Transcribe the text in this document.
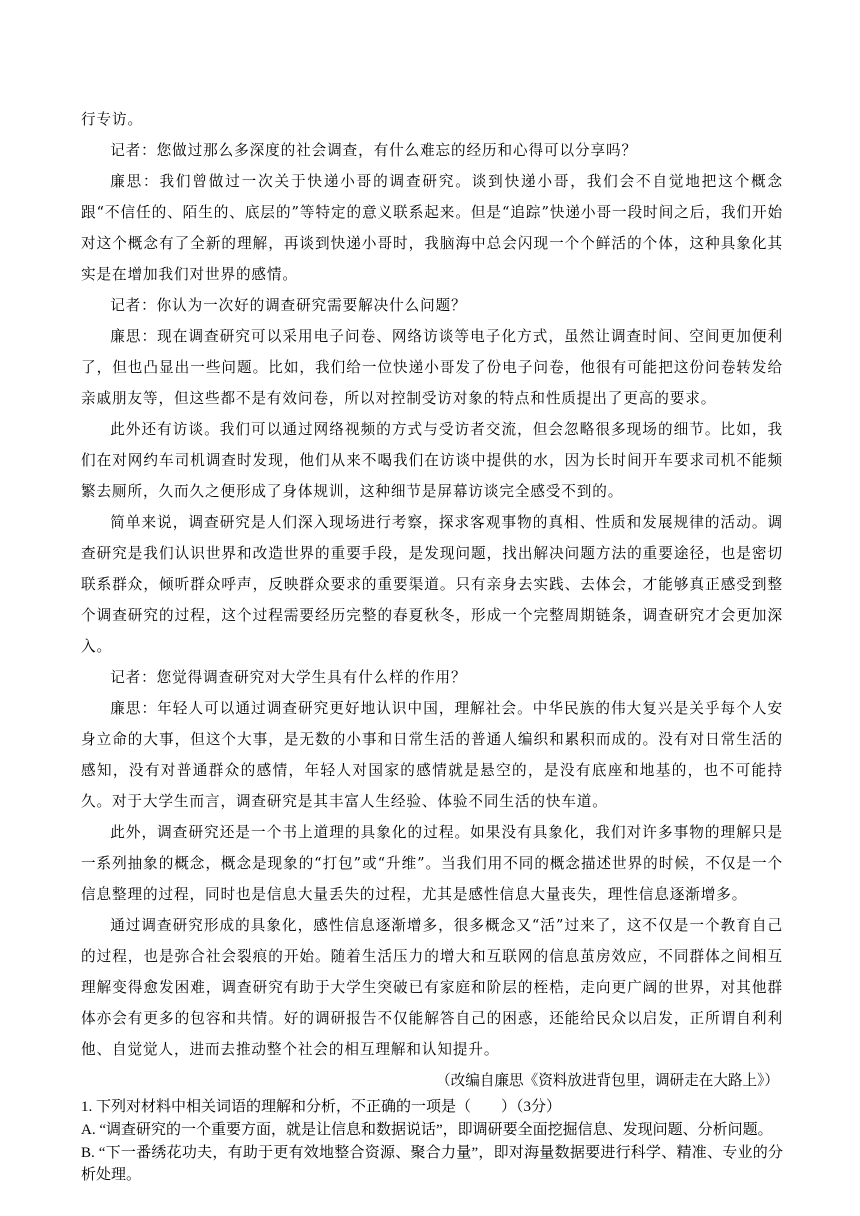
行专访。

记者：您做过那么多深度的社会调查，有什么难忘的经历和心得可以分享吗？

廉思：我们曾做过一次关于快递小哥的调查研究。谈到快递小哥，我们会不自觉地把这个概念跟“不信任的、陌生的、底层的”等特定的意义联系起来。但是“追踪”快递小哥一段时间之后，我们开始对这个概念有了全新的理解，再谈到快递小哥时，我脑海中总会闪现一个个鲜活的个体，这种具象化其实是在增加我们对世界的感情。

记者：你认为一次好的调查研究需要解决什么问题？

廉思：现在调查研究可以采用电子问卷、网络访谈等电子化方式，虽然让调查时间、空间更加便利了，但也凸显出一些问题。比如，我们给一位快递小哥发了份电子问卷，他很有可能把这份问卷转发给亲戚朋友等，但这些都不是有效问卷，所以对控制受访对象的特点和性质提出了更高的要求。

此外还有访谈。我们可以通过网络视频的方式与受访者交流，但会忽略很多现场的细节。比如，我们在对网约车司机调查时发现，他们从来不喝我们在访谈中提供的水，因为长时间开车要求司机不能频繁去厕所，久而久之便形成了身体规训，这种细节是屏幕访谈完全感受不到的。

简单来说，调查研究是人们深入现场进行考察，探求客观事物的真相、性质和发展规律的活动。调查研究是我们认识世界和改造世界的重要手段，是发现问题，找出解决问题方法的重要途径，也是密切联系群众，倾听群众呼声，反映群众要求的重要渠道。只有亲身去实践、去体会，才能够真正感受到整个调查研究的过程，这个过程需要经历完整的春夏秋冬，形成一个完整周期链条，调查研究才会更加深入。

记者：您觉得调查研究对大学生具有什么样的作用？

廉思：年轻人可以通过调查研究更好地认识中国，理解社会。中华民族的伟大复兴是关乎每个人安身立命的大事，但这个大事，是无数的小事和日常生活的普通人编织和累积而成的。没有对日常生活的感知，没有对普通群众的感情，年轻人对国家的感情就是悬空的，是没有底座和地基的，也不可能持久。对于大学生而言，调查研究是其丰富人生经验、体验不同生活的快车道。

此外，调查研究还是一个书上道理的具象化的过程。如果没有具象化，我们对许多事物的理解只是一系列抽象的概念，概念是现象的“打包”或“升维”。当我们用不同的概念描述世界的时候，不仅是一个信息整理的过程，同时也是信息大量丢失的过程，尤其是感性信息大量丧失，理性信息逐渐增多。

通过调查研究形成的具象化，感性信息逐渐增多，很多概念又“活”过来了，这不仅是一个教育自己的过程，也是弥合社会裂痕的开始。随着生活压力的增大和互联网的信息茧房效应，不同群体之间相互理解变得愈发困难，调查研究有助于大学生突破已有家庭和阶层的桎梏，走向更广阔的世界，对其他群体亦会有更多的包容和共情。好的调研报告不仅能解答自己的困惑，还能给民众以启发，正所谓自利利他、自觉觉人，进而去推动整个社会的相互理解和认知提升。

（改编自廉思《资料放进背包里，调研走在大路上》）

1. 下列对材料中相关词语的理解和分析，不正确的一项是（　　）（3分）

A. “调查研究的一个重要方面，就是让信息和数据说话”，即调研要全面挖掘信息、发现问题、分析问题。

B. “下一番绣花功夫，有助于更有效地整合资源、聚合力量”，即对海量数据要进行科学、精准、专业的分析处理。
